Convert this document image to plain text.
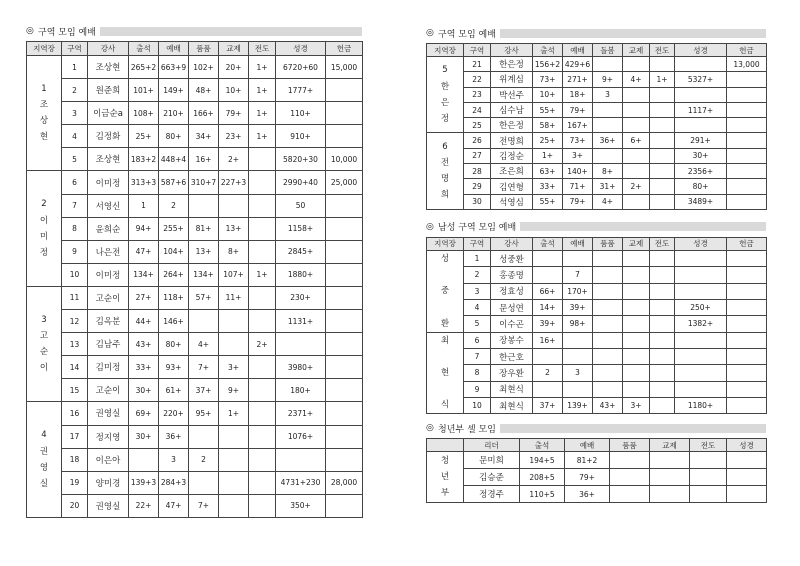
◎ 구역 모임 예배
지역장	구역	강사	출석	예배	품품	교제	전도	성경	헌금
1
조
상
현	1	조상현	265+2	663+9	102+	20+	1+	6720+60	15,000
	2	원준희	101+	149+	48+	10+	1+	1777+	
	3	이금순a	108+	210+	166+	79+	1+	110+	
	4	김정화	25+	80+	34+	23+	1+	910+	
	5	조상현	183+2	448+4	16+	2+		5820+30	10,000
2
이
미
정	6	이미정	313+3	587+6	310+7	227+3		2990+40	25,000
	7	서영신	1	2				50	
	8	윤희순	94+	255+	81+	13+		1158+	
	9	나은전	47+	104+	13+	8+		2845+	
	10	이미정	134+	264+	134+	107+	1+	1880+	
3
고
순
이	11	고순이	27+	118+	57+	11+		230+	
	12	김옥분	44+	146+				1131+	
	13	김남주	43+	80+	4+		2+		
	14	김미정	33+	93+	7+	3+		3980+	
	15	고순이	30+	61+	37+	9+		180+	
4
권
영
실	16	권영실	69+	220+	95+	1+		2371+	
	17	정지영	30+	36+				1076+	
	18	이은아		3	2				
	19	양미경	139+3	284+3				4731+230	28,000
	20	권영실	22+	47+	7+			350+	
◎ 구역 모임 예배
지역장	구역	강사	출석	예배	돌봄	교제	전도	성경	헌금
5
한
은
정	21	한은정	156+2	429+6					13,000
	22	위계심	73+	271+	9+	4+	1+	5327+	
	23	박선주	10+	18+	3				
	24	심수남	55+	79+				1117+	
	25	한은정	58+	167+					
6
전
명
희	26	전명희	25+	73+	36+	6+		291+	
	27	김정순	1+	3+				30+	
	28	조은희	63+	140+	8+			2356+	
	29	김연형	33+	71+	31+	2+		80+	
	30	석영심	55+	79+	4+			3489+	
◎ 남성 구역 모임 예배
지역장	구역	강사	출석	예배	품품	교제	전도	성경	헌금
성

중

환	1	성중환							
	2	홍종명		7					
	3	정효성	66+	170+					
	4	문성연	14+	39+				250+	
	5	이수곤	39+	98+				1382+	
최

현

식	6	장봉수	16+						
	7	한근호							
	8	장우환	2	3					
	9	최현식							
	10	최현식	37+	139+	43+	3+		1180+	
◎ 청년부 셀 모임
	리더	출석	예배	품품	교제	전도	성경
청
년
부	문미희	194+5	81+2				
	김승준	208+5	79+				
	정경주	110+5	36+				
